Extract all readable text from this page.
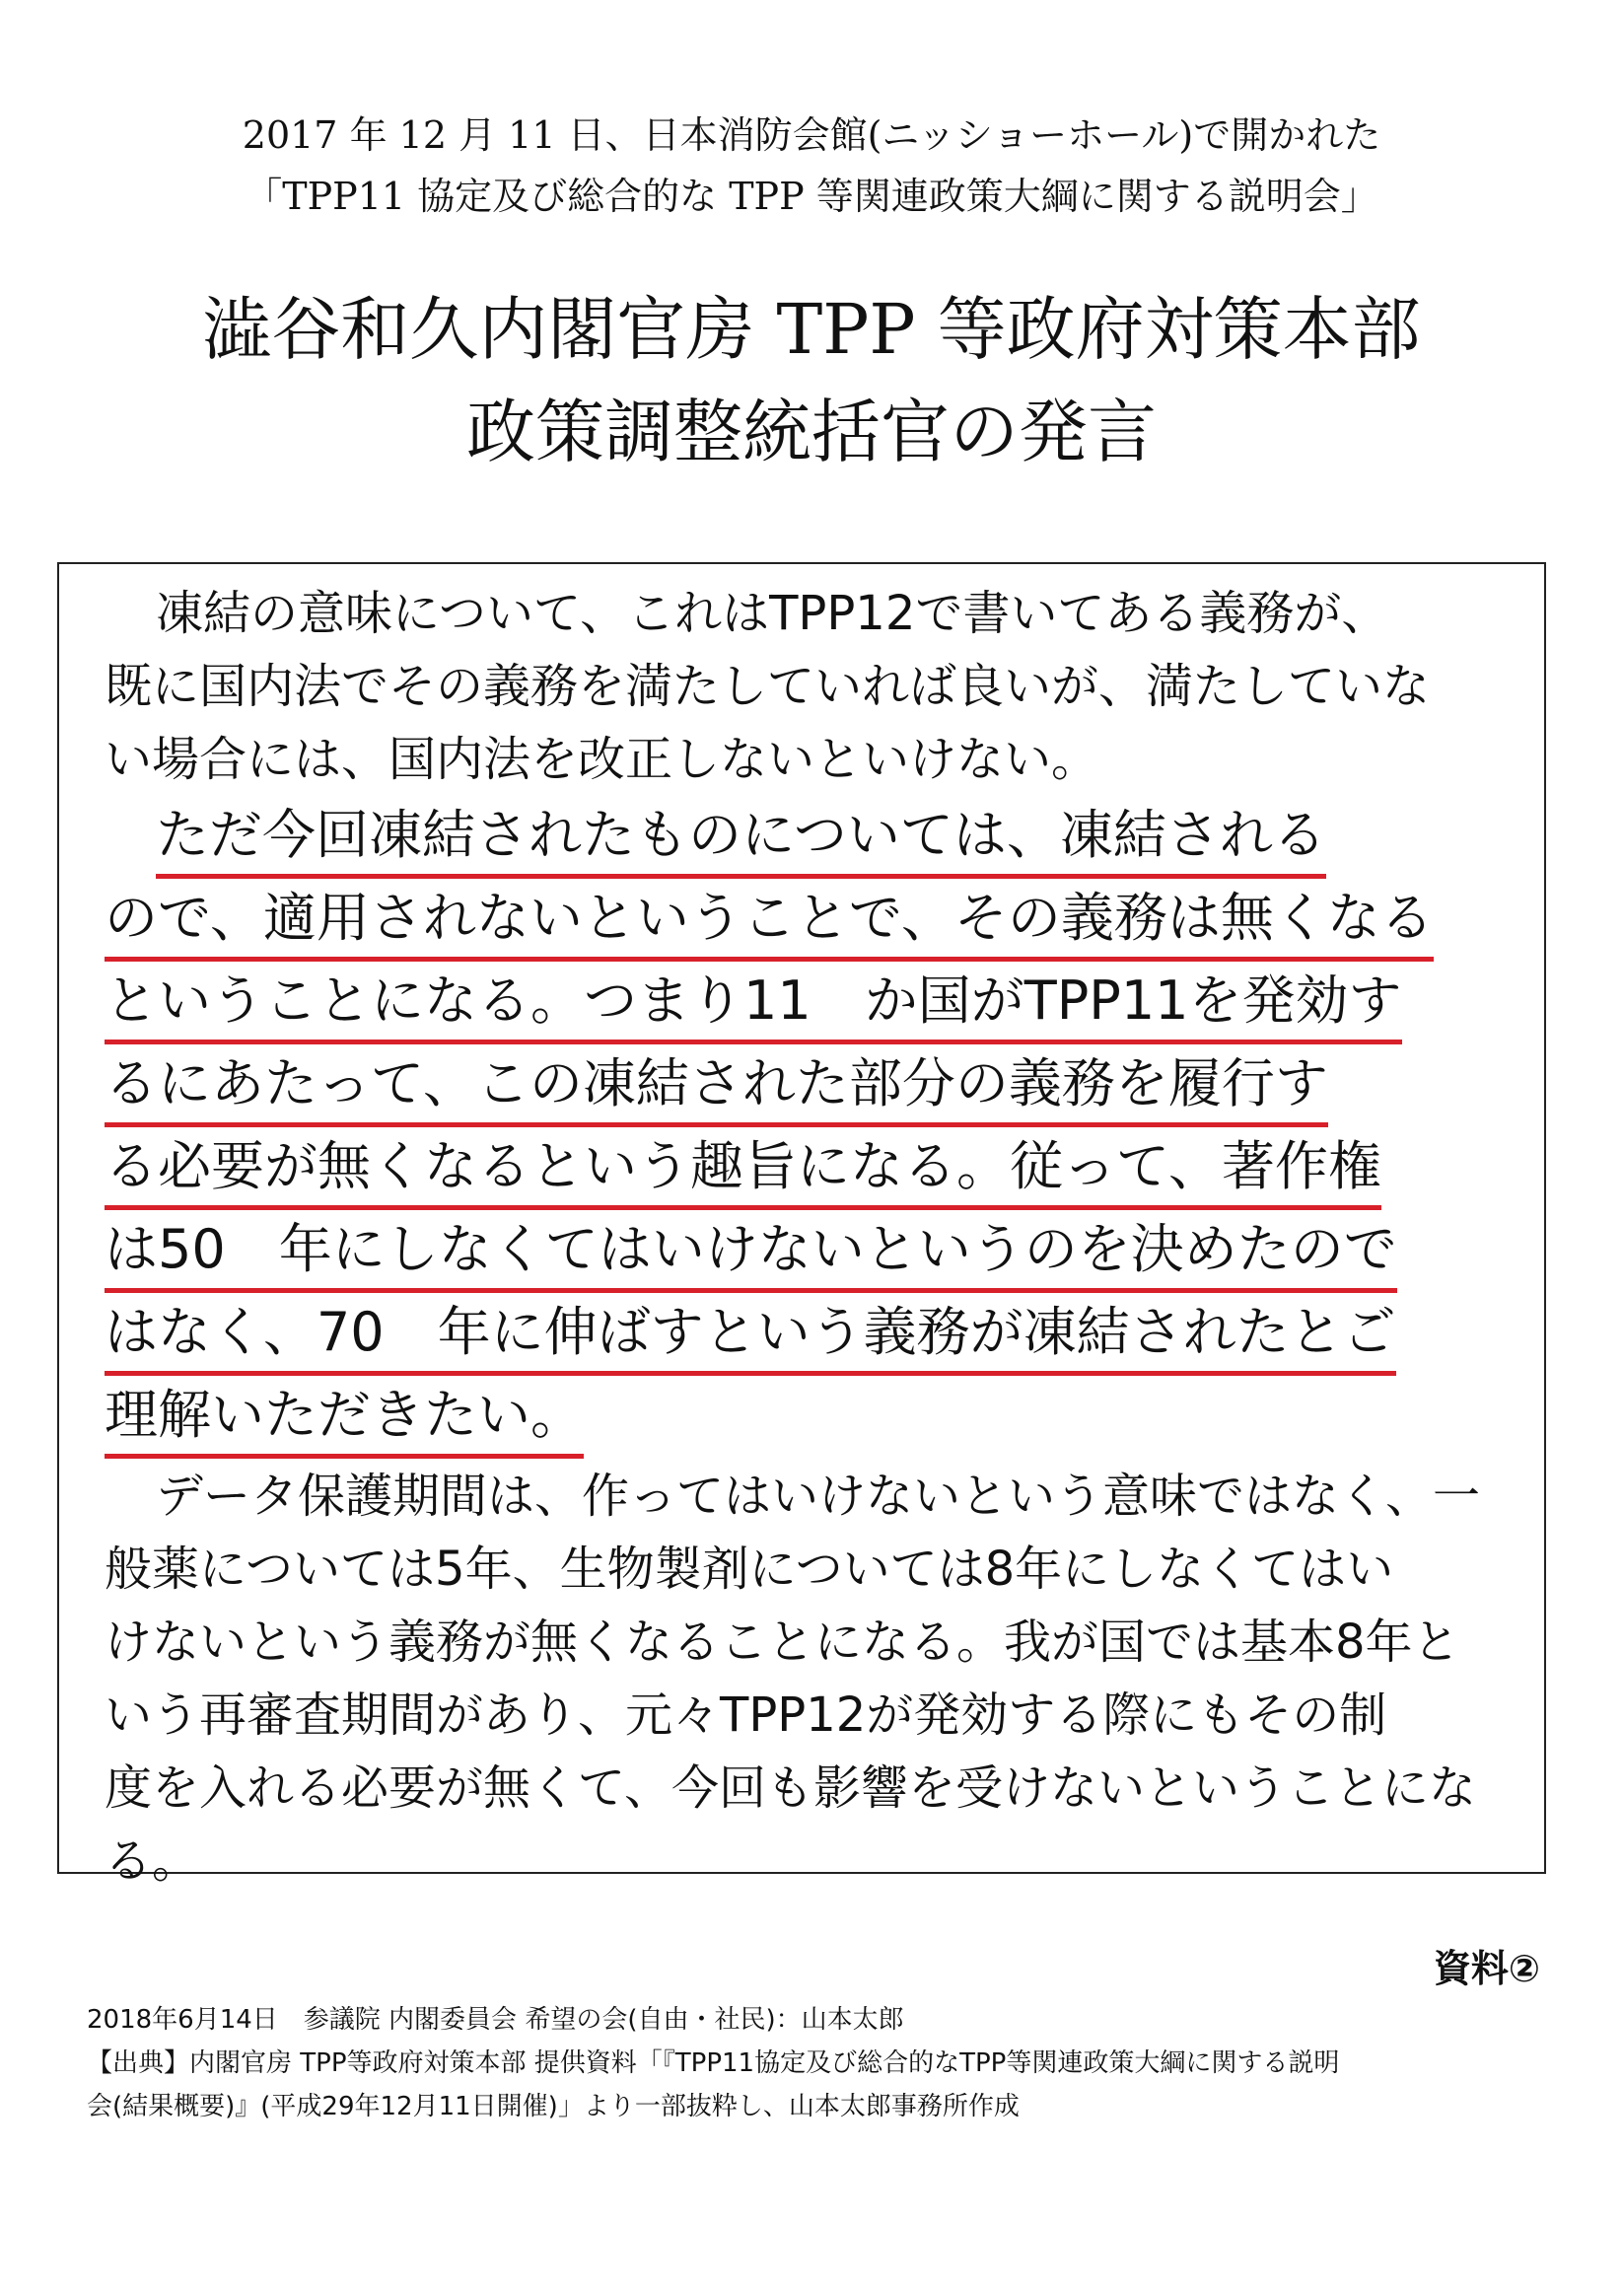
2017 年 12 月 11 日、日本消防会館(ニッショーホール)で開かれた
「TPP11 協定及び総合的な TPP 等関連政策大綱に関する説明会」
澁谷和久内閣官房 TPP 等政府対策本部
政策調整統括官の発言
凍結の意味について、これはTPP12で書いてある義務が、
既に国内法でその義務を満たしていれば良いが、満たしていな
い場合には、国内法を改正しないといけない。
ただ今回凍結されたものについては、凍結される
ので、適用されないということで、その義務は無くなる
ということになる。つまり11　か国がTPP11を発効す
るにあたって、この凍結された部分の義務を履行す
る必要が無くなるという趣旨になる。従って、著作権
は50　年にしなくてはいけないというのを決めたので
はなく、70　年に伸ばすという義務が凍結されたとご
理解いただきたい。
データ保護期間は、作ってはいけないという意味ではなく、一
般薬については5年、生物製剤については8年にしなくてはい
けないという義務が無くなることになる。我が国では基本8年と
いう再審査期間があり、元々TPP12が発効する際にもその制
度を入れる必要が無くて、今回も影響を受けないということにな
る。
資料②
2018年6月14日　参議院 内閣委員会 希望の会(自由・社民)：山本太郎
【出典】内閣官房 TPP等政府対策本部 提供資料「『TPP11協定及び総合的なTPP等関連政策大綱に関する説明
会(結果概要)』(平成29年12月11日開催)」より一部抜粋し、山本太郎事務所作成
